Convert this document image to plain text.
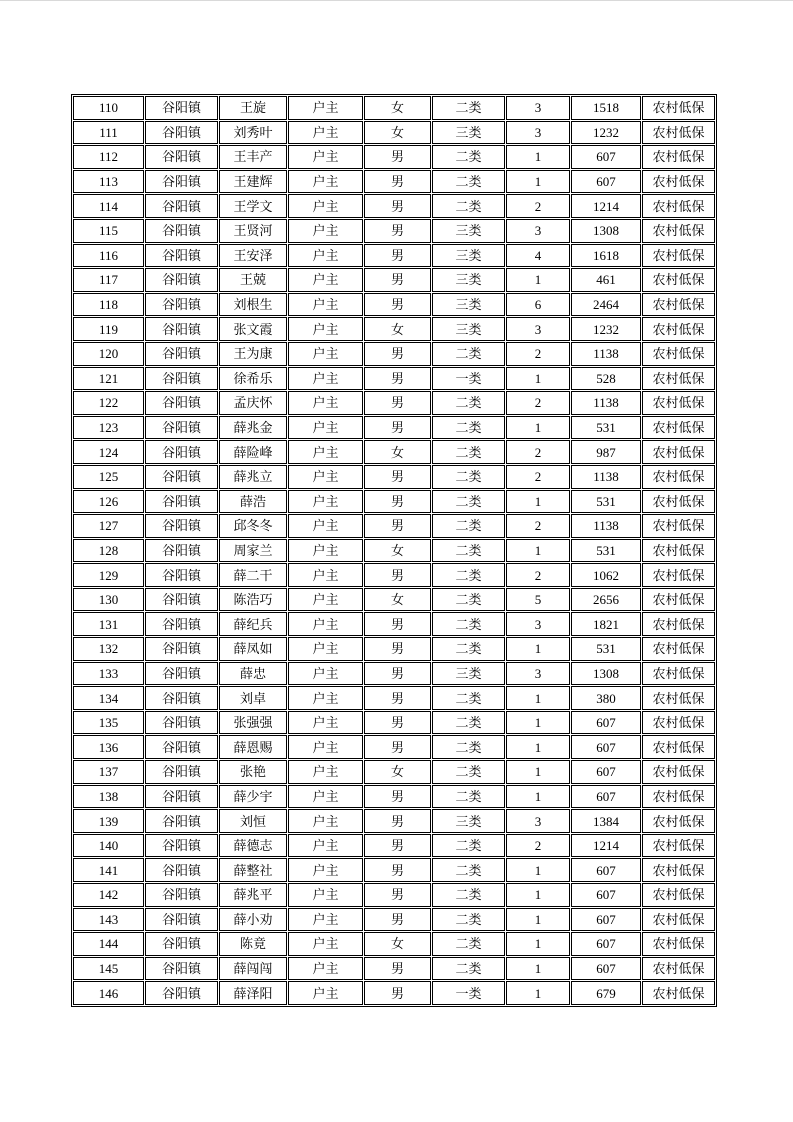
110	谷阳镇	王旋	户主	女	二类	3	1518	农村低保
111	谷阳镇	刘秀叶	户主	女	三类	3	1232	农村低保
112	谷阳镇	王丰产	户主	男	二类	1	607	农村低保
113	谷阳镇	王建辉	户主	男	二类	1	607	农村低保
114	谷阳镇	王学文	户主	男	二类	2	1214	农村低保
115	谷阳镇	王贤河	户主	男	三类	3	1308	农村低保
116	谷阳镇	王安泽	户主	男	三类	4	1618	农村低保
117	谷阳镇	王兢	户主	男	三类	1	461	农村低保
118	谷阳镇	刘根生	户主	男	三类	6	2464	农村低保
119	谷阳镇	张文霞	户主	女	三类	3	1232	农村低保
120	谷阳镇	王为康	户主	男	二类	2	1138	农村低保
121	谷阳镇	徐希乐	户主	男	一类	1	528	农村低保
122	谷阳镇	孟庆怀	户主	男	二类	2	1138	农村低保
123	谷阳镇	薛兆金	户主	男	二类	1	531	农村低保
124	谷阳镇	薛险峰	户主	女	二类	2	987	农村低保
125	谷阳镇	薛兆立	户主	男	二类	2	1138	农村低保
126	谷阳镇	薛浩	户主	男	二类	1	531	农村低保
127	谷阳镇	邱冬冬	户主	男	二类	2	1138	农村低保
128	谷阳镇	周家兰	户主	女	二类	1	531	农村低保
129	谷阳镇	薛二干	户主	男	二类	2	1062	农村低保
130	谷阳镇	陈浩巧	户主	女	二类	5	2656	农村低保
131	谷阳镇	薛纪兵	户主	男	二类	3	1821	农村低保
132	谷阳镇	薛凤如	户主	男	二类	1	531	农村低保
133	谷阳镇	薛忠	户主	男	三类	3	1308	农村低保
134	谷阳镇	刘卓	户主	男	二类	1	380	农村低保
135	谷阳镇	张强强	户主	男	二类	1	607	农村低保
136	谷阳镇	薛恩赐	户主	男	二类	1	607	农村低保
137	谷阳镇	张艳	户主	女	二类	1	607	农村低保
138	谷阳镇	薛少宇	户主	男	二类	1	607	农村低保
139	谷阳镇	刘恒	户主	男	三类	3	1384	农村低保
140	谷阳镇	薛德志	户主	男	二类	2	1214	农村低保
141	谷阳镇	薛整社	户主	男	二类	1	607	农村低保
142	谷阳镇	薛兆平	户主	男	二类	1	607	农村低保
143	谷阳镇	薛小劝	户主	男	二类	1	607	农村低保
144	谷阳镇	陈竟	户主	女	二类	1	607	农村低保
145	谷阳镇	薛闯闯	户主	男	二类	1	607	农村低保
146	谷阳镇	薛泽阳	户主	男	一类	1	679	农村低保
